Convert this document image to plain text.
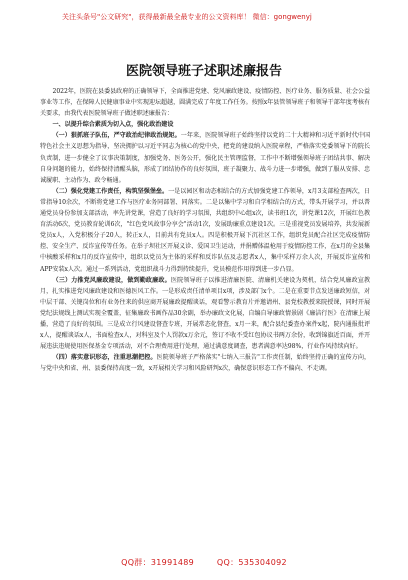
关注头条号"公文研究"，获得最新最全最专业的公文资料库！ 微信：gongwenyj
医院领导班子述职述廉报告

2022年，医院在县委县政府的正确领导下，全面推进党建、党风廉政建设、疫情防控、医疗业务、服务质量、社会公益事业等工作，在保障人民健康事业中实现迎坛超越，圆满完成了年度工作任务。按照x年县管领导班子和领导干部年度考核有关要求，由我代表医院领导班子做述职述廉报告：

一、以提升综合素质为切入点，强化政治建设

（一）狠抓班子队伍，严守政治纪律政治规矩。一年来，医院领导班子始终坚持以党的二十大精神和习近平新时代中国特色社会主义思想为指导，坚决拥护以习近平同志为核心的党中央，把党的建设纳入医院章程，严格落实党委领导下的院长负责制，进一步健全了议事决策制度，加强党务、医务公开，强化民主管理监督，工作中不断增强领导班子团结共事、解决自身问题的能力，始终保持清醒头脑，形成了团结协作的良好氛围，班子凝聚力、战斗力进一步增强，做到了服从安排、忠诚履职、主动作为、政令畅通。

（二）强化党建工作责任，构筑坚强堡垒。一是以园区和动态相结合的方式加强党建工作领导，x月3支部检查两次，日常指导10余次，不断将党建工作与医疗业务同部署、同落实。二是以集中学习和自学相结合的方式，带头开展学习，并以普通党员身份参加支部活动，率先讲党课，营造了良好的学习氛围，共组织中心组x次，读书班1次，讲党课12次，开展红色教育活动6次，党员教育轮训6次，"红色党风故事分享会"活动1次，发展助廉重点建设1次。三是重视党员发展培养，共发展新党员x人，入党积极分子20人，转正x人，目前共有党员x人。四是积极开展下沉社区工作，组织党员配合社区完成疫情防控、安全生产、反诈宣传等任务。在举子坝社区开展义诊、爱国卫生运动，并捐赠体温枪用于疫情防控工作，在x月的全县集中核酸采样和x月的反诈宣传中，组织以党员为主体的采样和反诈队伍及志愿者x人，集中采样万余人次，开展反诈宣传和APP安装x人次。通过一系列活动，党组织战斗力得到持续提升，党员模范作用得到进一步凸显。

（三）力推党风廉政建设，做到勤政廉政。医院领导班子以推进清廉医院、清廉机关建设为契机，结合党风廉政宣教月，扎实推进党风廉政建设和医德医风工作。一是形成责任清单项目x项，涉及部门x个。二是在重要节点发送廉政短信，对中层干部、关键岗位和有业务往来的供应商开展廉政提醒谈话，观看警示教育片并邀请州、县党校教授来院授课，同时开展党纪法规线上测试实现全覆盖，征集廉政书画作品30余副，举办廉政文化展，自编自导廉政情景剧《廉洁行医》在清廉上展播，营造了良好的氛围。三是成立行风建设督查专班，开展常态化督查，x月一来，配合县纪委查办案件x起，院内通报批评x人，提醒谈话x人，书面检查x人，对科室及个人罚款x万余元，签订不收不受红包协议书两万余份，收到锦旗近百面，并开展违法违规使用医保基金专项活动，对不合理费用进行处理，通过满意度调查，患者满意率达98%，行业作风持续向好。

（四）落实意识形态，注重思潮把控。医院领导班子严格落实"七纳入三报告"工作责任制，始终坚持正确的宣传方向，与党中央和省、州、县委保持高度一致，x开展相关学习和风险研判x次，确保意识形态工作不偏向、不走调。

QQ群：31991489	QQ：535304092
